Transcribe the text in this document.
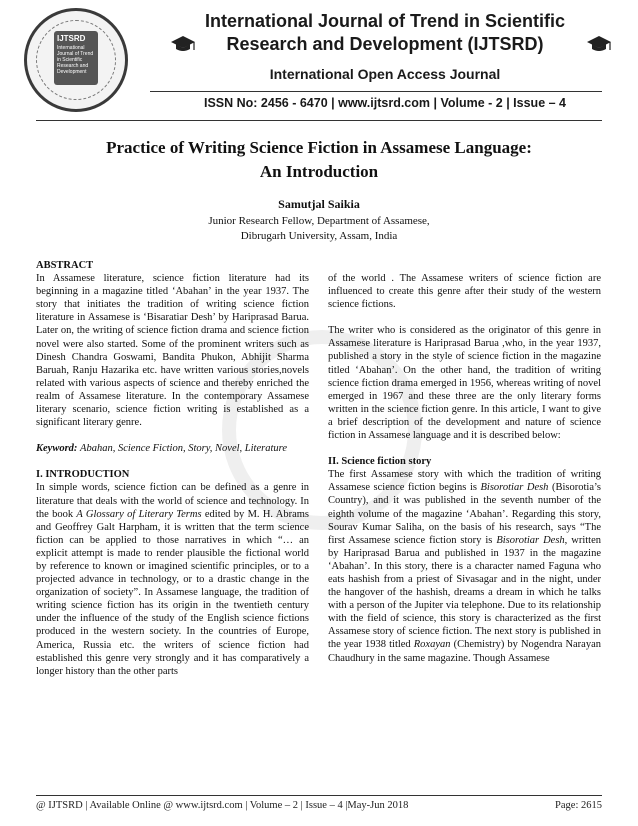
IJTSRD
International Journal of Trend in Scientific Research and Development
International Journal of Trend in Scientific
Research and Development (IJTSRD)
International Open Access Journal
ISSN No: 2456 - 6470 | www.ijtsrd.com | Volume - 2 | Issue – 4
Practice of Writing Science Fiction in Assamese Language:
An Introduction
Samutjal Saikia
Junior Research Fellow, Department of Assamese,
Dibrugarh University, Assam, India

ABSTRACT

In Assamese literature, science fiction literature had its beginning in a magazine titled ‘Abahan’ in the year 1937. The story that initiates the tradition of writing science fiction literature in Assamese is ‘Bisaratiar Desh’ by Hariprasad Barua. Later on, the writing of science fiction drama and science fiction novel were also started. Some of the prominent writers such as Dinesh Chandra Goswami, Bandita Phukon, Abhijit Sharma Baruah, Ranju Hazarika etc. have written various stories,novels related with various aspects of science and thereby enriched the realm of Assamese literature. In the contemporary Assamese literary scenario, science fiction writing is established as a significant literary genre.

Keyword: Abahan, Science Fiction, Story, Novel, Literature

I. INTRODUCTION

In simple words, science fiction can be defined as a genre in literature that deals with the world of science and technology. In the book A Glossary of Literary Terms edited by M. H. Abrams and Geoffrey Galt Harpham, it is written that the term science fiction can be applied to those narratives in which “… an explicit attempt is made to render plausible the fictional world by reference to known or imagined scientific principles, or to a projected advance in technology, or to a drastic change in the organization of society”. In Assamese language, the tradition of writing science fiction has its origin in the twentieth century under the influence of the study of the English science fictions produced in the western society. In the countries of Europe, America, Russia etc. the writers of science fiction had established this genre very strongly and it has comparatively a longer history than the other parts

of the world . The Assamese writers of science fiction are influenced to create this genre after their study of the western science fictions.

The writer who is considered as the originator of this genre in Assamese literature is Hariprasad Barua ,who, in the year 1937, published a story in the style of science fiction in the magazine titled ‘Abahan’. On the other hand, the tradition of writing science fiction drama emerged in 1956, whereas writing of novel emerged in 1967 and these three are the only literary forms written in the science fiction genre. In this article, I want to give a brief description of the development and nature of science fiction in Assamese language and it is described below:

II. Science fiction story

The first Assamese story with which the tradition of writing Assamese science fiction begins is Bisorotiar Desh (Bisorotia’s Country), and it was published in the seventh number of the eighth volume of the magazine ‘Abahan’. Regarding this story, Sourav Kumar Saliha, on the basis of his research, says “The first Assamese science fiction story is Bisorotiar Desh, written by Hariprasad Barua and published in 1937 in the magazine ‘Abahan’. In this story, there is a character named Faguna who eats hashish from a priest of Sivasagar and in the night, under the hangover of the hashish, dreams a dream in which he talks with a person of the Jupiter via telephone. Due to its relationship with the field of science, this story is characterized as the first Assamese story of science fiction. The next story is published in the year 1938 titled Roxayan (Chemistry) by Nogendra Narayan Chaudhury in the same magazine. Though Assamese

@ IJTSRD | Available Online @ www.ijtsrd.com | Volume – 2 | Issue – 4 |May-Jun 2018	Page: 2615
